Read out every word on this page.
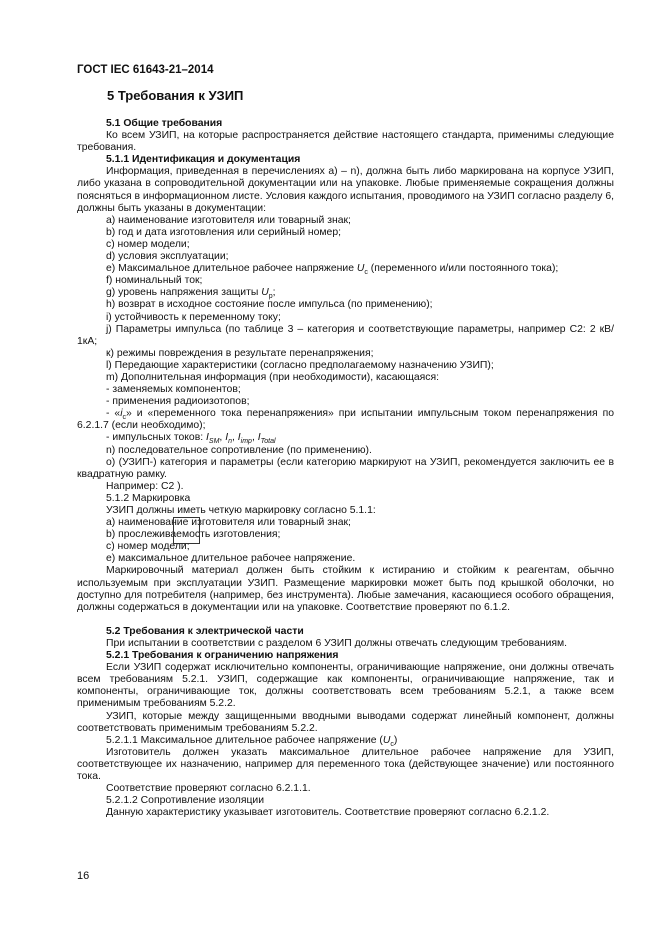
ГОСТ IEC 61643-21–2014
5 Требования к УЗИП

5.1 Общие требования

Ко всем УЗИП, на которые распространяется действие настоящего стандарта, применимы следующие требования.

5.1.1 Идентификация и документация

Информация, приведенная в перечислениях а) – n), должна быть либо маркирована на корпусе УЗИП, либо указана в сопроводительной документации или на упаковке. Любые применяемые сокращения должны поясняться в информационном листе. Условия каждого испытания, проводимого на УЗИП согласно разделу 6, должны быть указаны в документации:

a) наименование изготовителя или товарный знак;

b) год и дата изготовления или серийный номер;

c) номер модели;

d) условия эксплуатации;

e) Максимальное длительное рабочее напряжение $U_c$ (переменного и/или постоянного тока);

f) номинальный ток;

g) уровень напряжения защиты $U_p$;

h) возврат в исходное состояние после импульса (по применению);

i) устойчивость к переменному току;

j) Параметры импульса (по таблице 3 – категория и соответствующие параметры, например С2: 2 кВ/ 1кА;

к) режимы повреждения в результате перенапряжения;

l) Передающие характеристики (согласно предполагаемому назначению УЗИП);

m) Дополнительная информация (при необходимости), касающаяся:

- заменяемых компонентов;

- применения радиоизотопов;

- «$i_c$» и «переменного тока перенапряжения» при испытании импульсным током перенапряжения по 6.2.1.7 (если необходимо);

- импульсных токов: $I_{SM}$, $I_n$, $I_{imp}$, $I_{Total}$

n) последовательное сопротивление (по применению).

o) (УЗИП-) категория и параметры (если категорию маркируют на УЗИП, рекомендуется заключить ее в квадратную рамку.

Например: С2 ).

5.1.2 Маркировка

УЗИП должны иметь четкую маркировку согласно 5.1.1:

a) наименование изготовителя или товарный знак;

b) прослеживаемость изготовления;

c) номер модели;

e) максимальное длительное рабочее напряжение.

Маркировочный материал должен быть стойким к истиранию и стойким к реагентам, обычно используемым при эксплуатации УЗИП. Размещение маркировки может быть под крышкой оболочки, но доступно для потребителя (например, без инструмента). Любые замечания, касающиеся особого обращения, должны содержаться в документации или на упаковке. Соответствие проверяют по 6.1.2.

5.2 Требования к электрической части

При испытании в соответствии с разделом 6 УЗИП должны отвечать следующим требованиям.

5.2.1 Требования к ограничению напряжения

Если УЗИП содержат исключительно компоненты, ограничивающие напряжение, они должны отвечать всем требованиям 5.2.1. УЗИП, содержащие как компоненты, ограничивающие напряжение, так и компоненты, ограничивающие ток, должны соответствовать всем требованиям 5.2.1, а также всем применимым требованиям 5.2.2.

УЗИП, которые между защищенными вводными выводами содержат линейный компонент, должны соответствовать применимым требованиям 5.2.2.

5.2.1.1 Максимальное длительное рабочее напряжение $(U_c)$

Изготовитель должен указать максимальное длительное рабочее напряжение для УЗИП, соответствующее их назначению, например для переменного тока (действующее значение) или постоянного тока.

Соответствие проверяют согласно 6.2.1.1.

5.2.1.2 Сопротивление изоляции

Данную характеристику указывает изготовитель. Соответствие проверяют согласно 6.2.1.2.

16
